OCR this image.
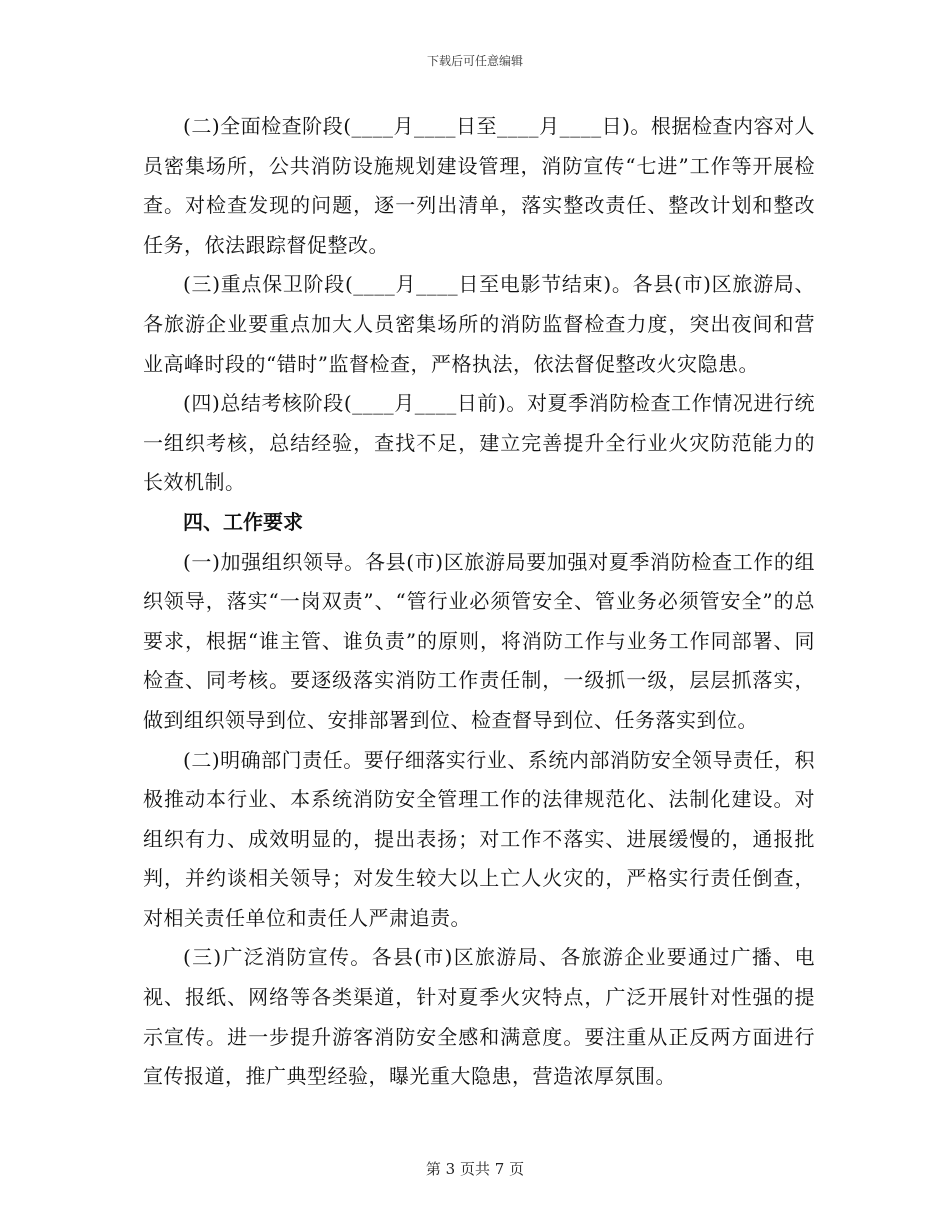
下载后可任意编辑

(二)全面检查阶段(____月____日至____月____日)。根据检查内容对人员密集场所，公共消防设施规划建设管理，消防宣传“七进”工作等开展检查。对检查发现的问题，逐一列出清单，落实整改责任、整改计划和整改任务，依法跟踪督促整改。

(三)重点保卫阶段(____月____日至电影节结束)。各县(市)区旅游局、各旅游企业要重点加大人员密集场所的消防监督检查力度，突出夜间和营业高峰时段的“错时”监督检查，严格执法，依法督促整改火灾隐患。

(四)总结考核阶段(____月____日前)。对夏季消防检查工作情况进行统一组织考核，总结经验，查找不足，建立完善提升全行业火灾防范能力的长效机制。

四、工作要求

(一)加强组织领导。各县(市)区旅游局要加强对夏季消防检查工作的组织领导，落实“一岗双责”、“管行业必须管安全、管业务必须管安全”的总要求，根据“谁主管、谁负责”的原则，将消防工作与业务工作同部署、同检查、同考核。要逐级落实消防工作责任制，一级抓一级，层层抓落实，做到组织领导到位、安排部署到位、检查督导到位、任务落实到位。

(二)明确部门责任。要仔细落实行业、系统内部消防安全领导责任，积极推动本行业、本系统消防安全管理工作的法律规范化、法制化建设。对组织有力、成效明显的，提出表扬；对工作不落实、进展缓慢的，通报批判，并约谈相关领导；对发生较大以上亡人火灾的，严格实行责任倒查，对相关责任单位和责任人严肃追责。

(三)广泛消防宣传。各县(市)区旅游局、各旅游企业要通过广播、电视、报纸、网络等各类渠道，针对夏季火灾特点，广泛开展针对性强的提示宣传。进一步提升游客消防安全感和满意度。要注重从正反两方面进行宣传报道，推广典型经验，曝光重大隐患，营造浓厚氛围。

第 3 页共 7 页
